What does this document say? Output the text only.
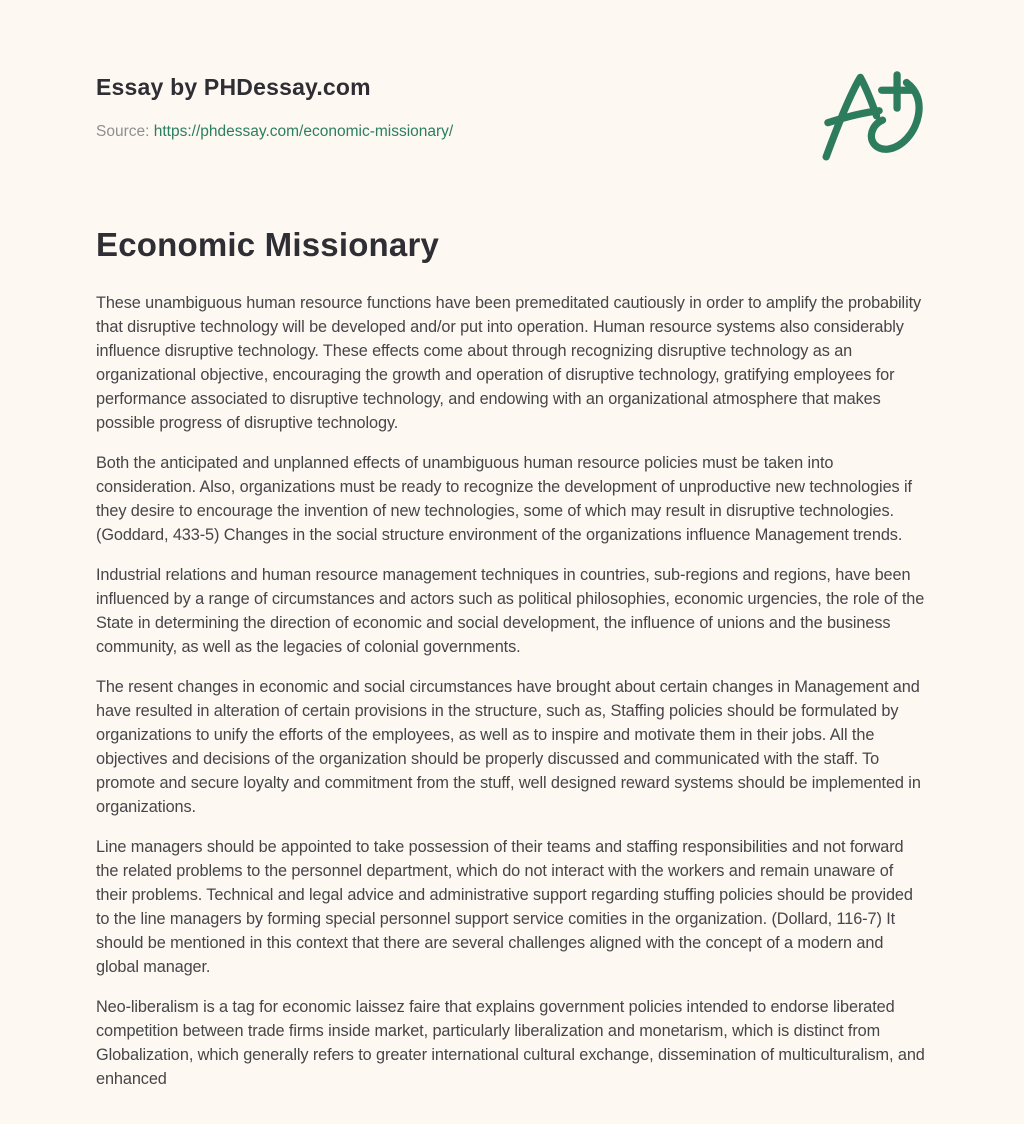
Essay by PHDessay.com

Source: https://phdessay.com/economic-missionary/

Economic Missionary

These unambiguous human resource functions have been premeditated cautiously in order to amplify the probability that disruptive technology will be developed and/or put into operation. Human resource systems also considerably influence disruptive technology. These effects come about through recognizing disruptive technology as an organizational objective, encouraging the growth and operation of disruptive technology, gratifying employees for performance associated to disruptive technology, and endowing with an organizational atmosphere that makes possible progress of disruptive technology.

Both the anticipated and unplanned effects of unambiguous human resource policies must be taken into consideration. Also, organizations must be ready to recognize the development of unproductive new technologies if they desire to encourage the invention of new technologies, some of which may result in disruptive technologies. (Goddard, 433-5) Changes in the social structure environment of the organizations influence Management trends.

Industrial relations and human resource management techniques in countries, sub-regions and regions, have been influenced by a range of circumstances and actors such as political philosophies, economic urgencies, the role of the State in determining the direction of economic and social development, the influence of unions and the business community, as well as the legacies of colonial governments.

The resent changes in economic and social circumstances have brought about certain changes in Management and have resulted in alteration of certain provisions in the structure, such as, Staffing policies should be formulated by organizations to unify the efforts of the employees, as well as to inspire and motivate them in their jobs. All the objectives and decisions of the organization should be properly discussed and communicated with the staff. To promote and secure loyalty and commitment from the stuff, well designed reward systems should be implemented in organizations.

Line managers should be appointed to take possession of their teams and staffing responsibilities and not forward the related problems to the personnel department, which do not interact with the workers and remain unaware of their problems. Technical and legal advice and administrative support regarding stuffing policies should be provided to the line managers by forming special personnel support service comities in the organization. (Dollard, 116-7) It should be mentioned in this context that there are several challenges aligned with the concept of a modern and global manager.

Neo-liberalism is a tag for economic laissez faire that explains government policies intended to endorse liberated competition between trade firms inside market, particularly liberalization and monetarism, which is distinct from Globalization, which generally refers to greater international cultural exchange, dissemination of multiculturalism, and enhanced
